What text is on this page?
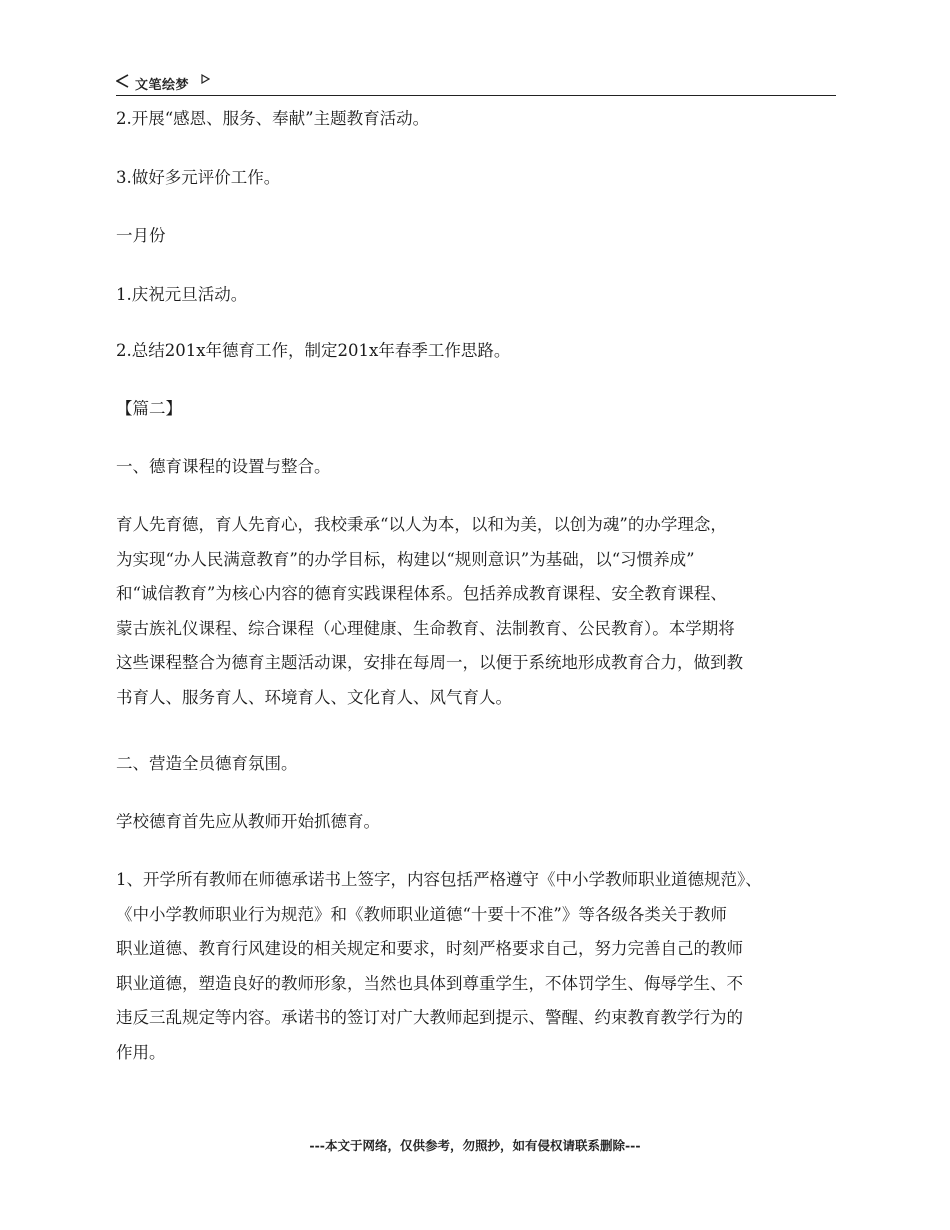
文笔绘梦

2.开展“感恩、服务、奉献”主题教育活动。

3.做好多元评价工作。

一月份

1.庆祝元旦活动。

2.总结201x年德育工作，制定201x年春季工作思路。

【篇二】

一、德育课程的设置与整合。

育人先育德，育人先育心，我校秉承“以人为本，以和为美，以创为魂”的办学理念，
为实现“办人民满意教育”的办学目标，构建以“规则意识”为基础，以“习惯养成”
和“诚信教育”为核心内容的德育实践课程体系。包括养成教育课程、安全教育课程、
蒙古族礼仪课程、综合课程（心理健康、生命教育、法制教育、公民教育）。本学期将
这些课程整合为德育主题活动课，安排在每周一，以便于系统地形成教育合力，做到教
书育人、服务育人、环境育人、文化育人、风气育人。

二、营造全员德育氛围。

学校德育首先应从教师开始抓德育。

1、开学所有教师在师德承诺书上签字，内容包括严格遵守《中小学教师职业道德规范》、
《中小学教师职业行为规范》和《教师职业道德“十要十不准”》等各级各类关于教师
职业道德、教育行风建设的相关规定和要求，时刻严格要求自己，努力完善自己的教师
职业道德，塑造良好的教师形象，当然也具体到尊重学生，不体罚学生、侮辱学生、不
违反三乱规定等内容。承诺书的签订对广大教师起到提示、警醒、约束教育教学行为的
作用。
---本文于网络，仅供参考，勿照抄，如有侵权请联系删除---
